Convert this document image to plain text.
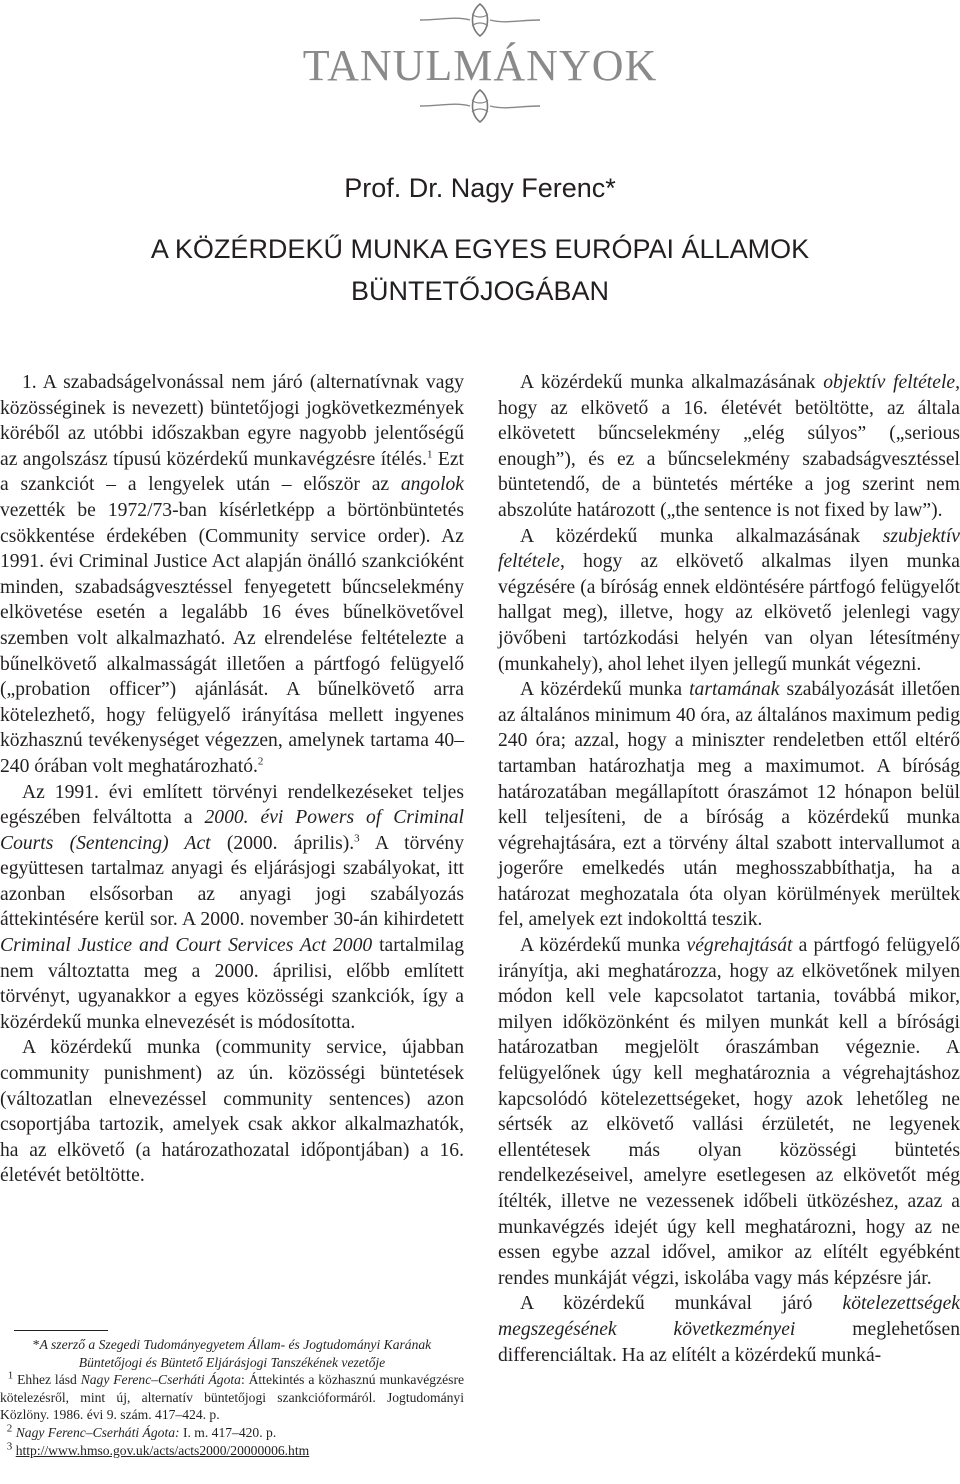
TANULMÁNYOK
Prof. Dr. Nagy Ferenc*
A KÖZÉRDEKŰ MUNKA EGYES EURÓPAI ÁLLAMOK
BÜNTETŐJOGÁBAN

1. A szabadságelvonással nem járó (alternatívnak vagy közösséginek is nevezett) büntetőjogi jogkövetkezmények köréből az utóbbi időszakban egyre nagyobb jelentőségű az angolszász típusú közérdekű munkavégzésre ítélés.$^1$ Ezt a szankciót – a lengyelek után – először az angolok vezették be 1972/73-ban kísérletképp a börtönbüntetés csökkentése érdekében (Community service order). Az 1991. évi Criminal Justice Act alapján önálló szankcióként minden, szabadságvesztéssel fenyegetett bűncselekmény elkövetése esetén a legalább 16 éves bűnelkövetővel szemben volt alkalmazható. Az elrendelése feltételezte a bűnelkövető alkalmasságát illetően a pártfogó felügyelő („probation officer”) ajánlását. A bűnelkövető arra kötelezhető, hogy felügyelő irányítása mellett ingyenes közhasznú tevékenységet végezzen, amelynek tartama 40–240 órában volt meghatározható.$^2$

Az 1991. évi említett törvényi rendelkezéseket teljes egészében felváltotta a 2000. évi Powers of Criminal Courts (Sentencing) Act (2000. április).$^3$ A törvény együttesen tartalmaz anyagi és eljárásjogi szabályokat, itt azonban elsősorban az anyagi jogi szabályozás áttekintésére kerül sor. A 2000. november 30-án kihirdetett Criminal Justice and Court Services Act 2000 tartalmilag nem változtatta meg a 2000. áprilisi, előbb említett törvényt, ugyanakkor a egyes közösségi szankciók, így a közérdekű munka elnevezését is módosította.

A közérdekű munka (community service, újabban community punishment) az ún. közösségi büntetések (változatlan elnevezéssel community sentences) azon csoportjába tartozik, amelyek csak akkor alkalmazhatók, ha az elkövető (a határozathozatal időpontjában) a 16. életévét betöltötte.

A közérdekű munka alkalmazásának objektív feltétele, hogy az elkövető a 16. életévét betöltötte, az általa elkövetett bűncselekmény „elég súlyos” („serious enough”), és ez a bűncselekmény szabadságvesztéssel büntetendő, de a büntetés mértéke a jog szerint nem abszolúte határozott („the sentence is not fixed by law”).

A közérdekű munka alkalmazásának szubjektív feltétele, hogy az elkövető alkalmas ilyen munka végzésére (a bíróság ennek eldöntésére pártfogó felügyelőt hallgat meg), illetve, hogy az elkövető jelenlegi vagy jövőbeni tartózkodási helyén van olyan létesítmény (munkahely), ahol lehet ilyen jellegű munkát végezni.

A közérdekű munka tartamának szabályozását illetően az általános minimum 40 óra, az általános maximum pedig 240 óra; azzal, hogy a miniszter rendeletben ettől eltérő tartamban határozhatja meg a maximumot. A bíróság határozatában megállapított óraszámot 12 hónapon belül kell teljesíteni, de a bíróság a közérdekű munka végrehajtására, ezt a törvény által szabott intervallumot a jogerőre emelkedés után meghosszabbíthatja, ha a határozat meghozatala óta olyan körülmények merültek fel, amelyek ezt indokolttá teszik.

A közérdekű munka végrehajtását a pártfogó felügyelő irányítja, aki meghatározza, hogy az elkövetőnek milyen módon kell vele kapcsolatot tartania, továbbá mikor, milyen időközönként és milyen munkát kell a bírósági határozatban megjelölt óraszámban végeznie. A felügyelőnek úgy kell meghatároznia a végrehajtáshoz kapcsolódó kötelezettségeket, hogy azok lehetőleg ne sértsék az elkövető vallási érzületét, ne legyenek ellentétesek más olyan közösségi büntetés rendelkezéseivel, amelyre esetlegesen az elkövetőt még ítélték, illetve ne vezessenek időbeli ütközéshez, azaz a munkavégzés idejét úgy kell meghatározni, hogy az ne essen egybe azzal idővel, amikor az elítélt egyébként rendes munkáját végzi, iskolába vagy más képzésre jár.

A közérdekű munkával járó kötelezettségek megszegésének következményei meglehetősen differenciáltak. Ha az elítélt a közérdekű munká-

*A szerző a Szegedi Tudományegyetem Állam- és Jogtudományi Karának Büntetőjogi és Büntető Eljárásjogi Tanszékének vezetője

$^1$ Ehhez lásd Nagy Ferenc–Cserháti Ágota: Áttekintés a közhasznú munkavégzésre kötelezésről, mint új, alternatív büntetőjogi szankcióformáról. Jogtudományi Közlöny. 1986. évi 9. szám. 417–424. p.

$^2$ Nagy Ferenc–Cserháti Ágota: I. m. 417–420. p.

$^3$ http://www.hmso.gov.uk/acts/acts2000/20000006.htm
